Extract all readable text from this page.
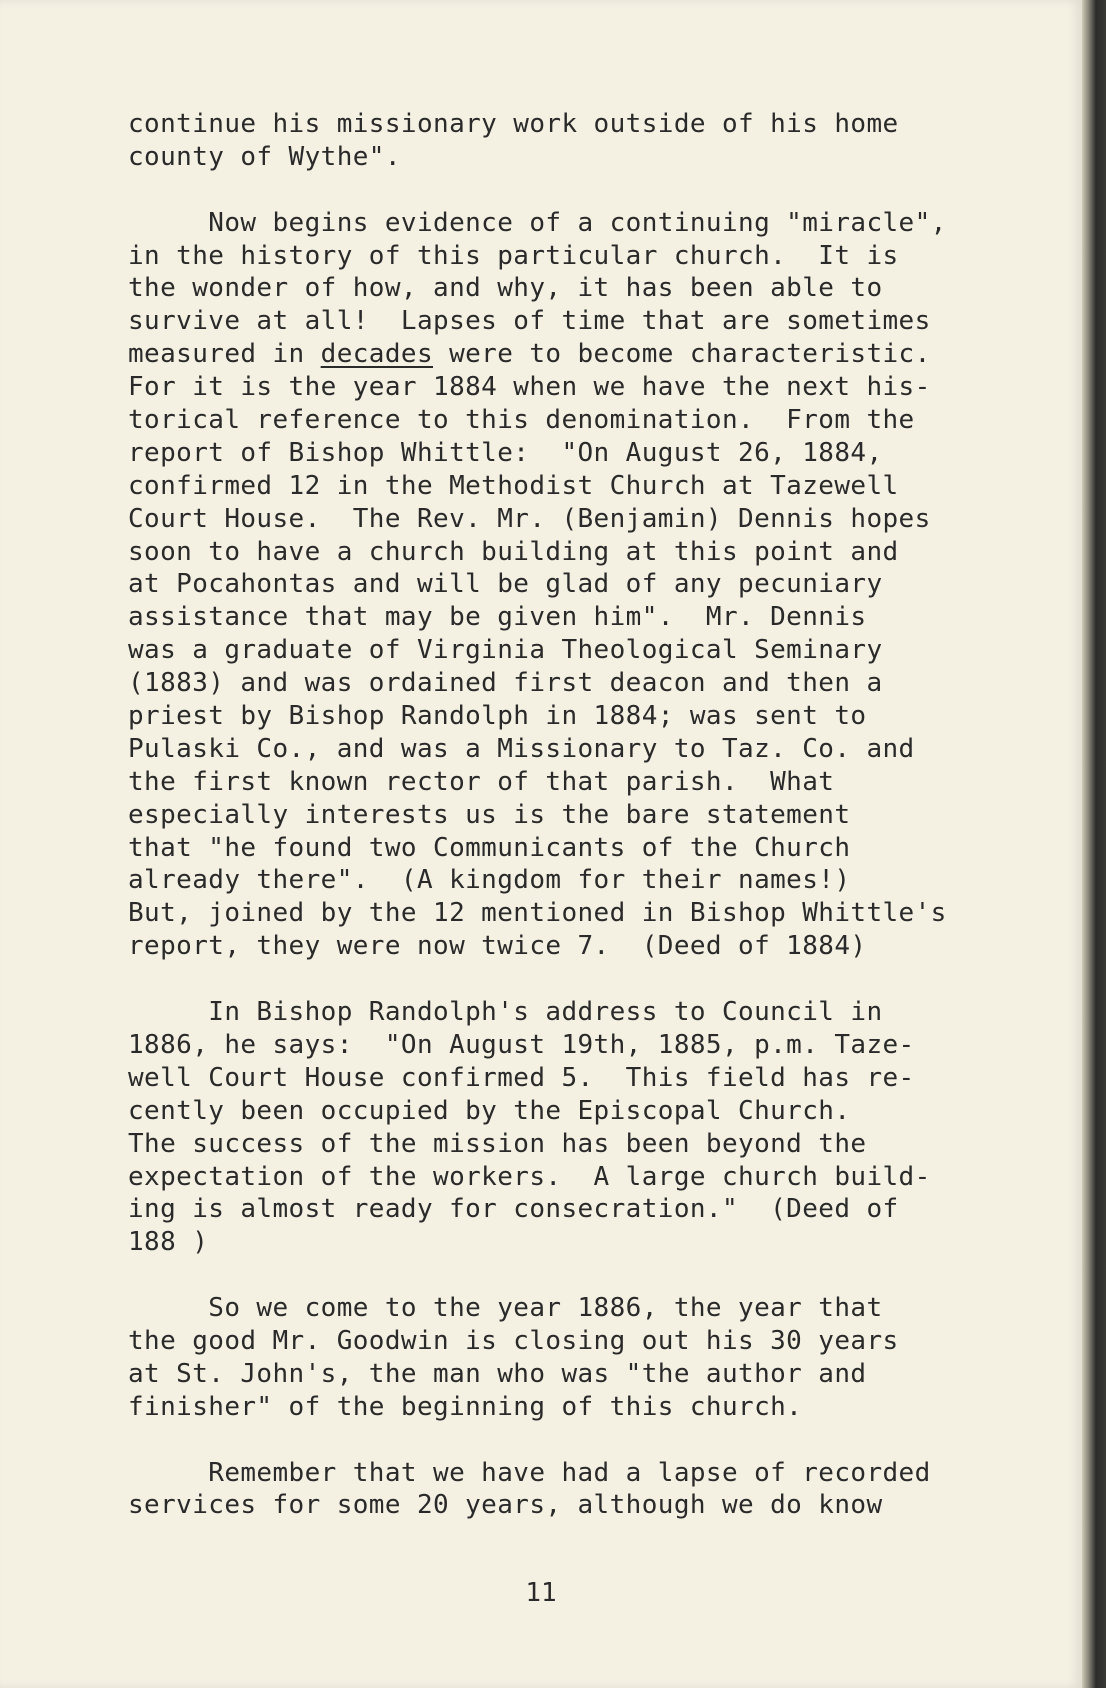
continue his missionary work outside of his home
county of Wythe".
Now begins evidence of a continuing "miracle",
in the history of this particular church.  It is
the wonder of how, and why, it has been able to
survive at all!  Lapses of time that are sometimes
measured in decades were to become characteristic.
For it is the year 1884 when we have the next his-
torical reference to this denomination.  From the
report of Bishop Whittle:  "On August 26, 1884,
confirmed 12 in the Methodist Church at Tazewell
Court House.  The Rev. Mr. (Benjamin) Dennis hopes
soon to have a church building at this point and
at Pocahontas and will be glad of any pecuniary
assistance that may be given him".  Mr. Dennis
was a graduate of Virginia Theological Seminary
(1883) and was ordained first deacon and then a
priest by Bishop Randolph in 1884; was sent to
Pulaski Co., and was a Missionary to Taz. Co. and
the first known rector of that parish.  What
especially interests us is the bare statement
that "he found two Communicants of the Church
already there".  (A kingdom for their names!)
But, joined by the 12 mentioned in Bishop Whittle's
report, they were now twice 7.  (Deed of 1884)
In Bishop Randolph's address to Council in
1886, he says:  "On August 19th, 1885, p.m. Taze-
well Court House confirmed 5.  This field has re-
cently been occupied by the Episcopal Church.
The success of the mission has been beyond the
expectation of the workers.  A large church build-
ing is almost ready for consecration."  (Deed of
188 )
So we come to the year 1886, the year that
the good Mr. Goodwin is closing out his 30 years
at St. John's, the man who was "the author and
finisher" of the beginning of this church.
Remember that we have had a lapse of recorded
services for some 20 years, although we do know
11
